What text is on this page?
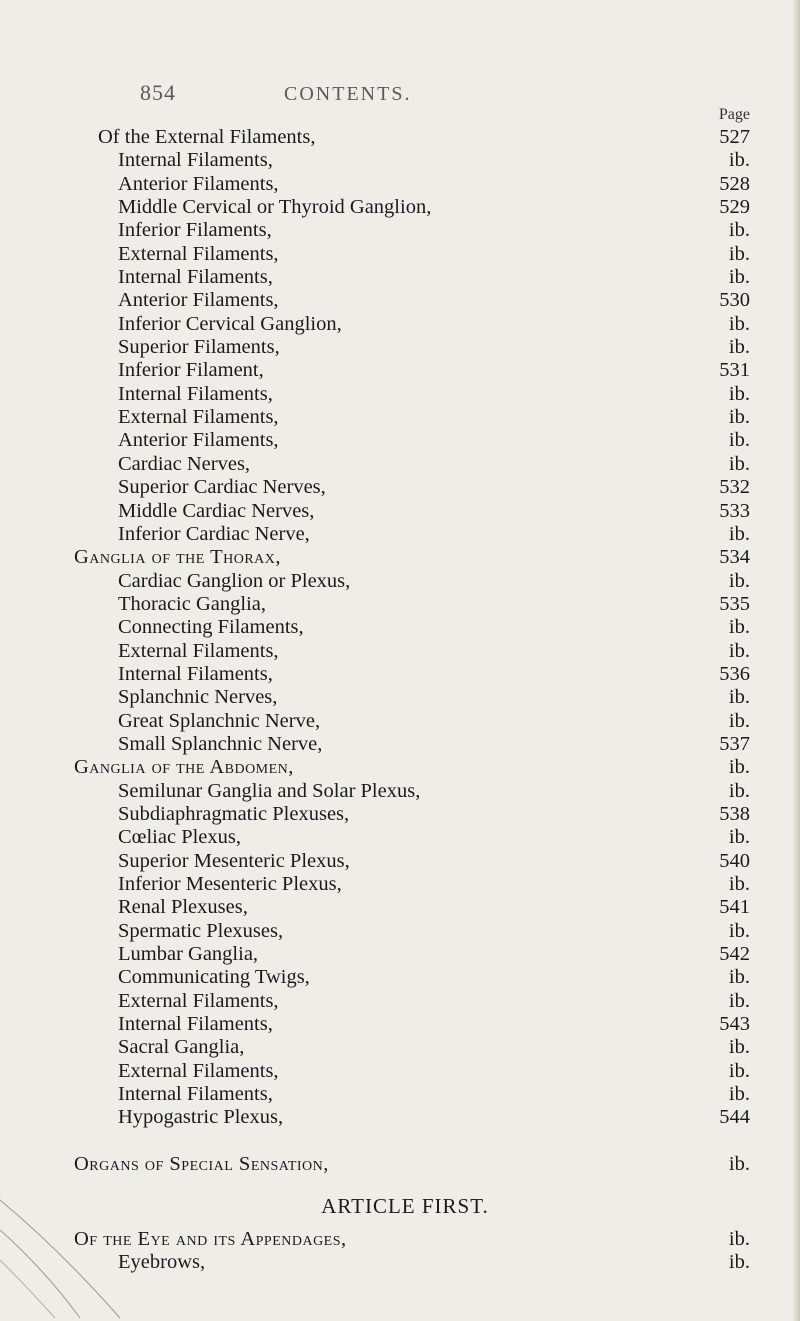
854	CONTENTS.
Page
Of the External Filaments,	527
Internal Filaments,	ib.
Anterior Filaments,	528
Middle Cervical or Thyroid Ganglion,	529
Inferior Filaments,	ib.
External Filaments,	ib.
Internal Filaments,	ib.
Anterior Filaments,	530
Inferior Cervical Ganglion,	ib.
Superior Filaments,	ib.
Inferior Filament,	531
Internal Filaments,	ib.
External Filaments,	ib.
Anterior Filaments,	ib.
Cardiac Nerves,	ib.
Superior Cardiac Nerves,	532
Middle Cardiac Nerves,	533
Inferior Cardiac Nerve,	ib.
Ganglia of the Thorax,	534
Cardiac Ganglion or Plexus,	ib.
Thoracic Ganglia,	535
Connecting Filaments,	ib.
External Filaments,	ib.
Internal Filaments,	536
Splanchnic Nerves,	ib.
Great Splanchnic Nerve,	ib.
Small Splanchnic Nerve,	537
Ganglia of the Abdomen,	ib.
Semilunar Ganglia and Solar Plexus,	ib.
Subdiaphragmatic Plexuses,	538
Cœliac Plexus,	ib.
Superior Mesenteric Plexus,	540
Inferior Mesenteric Plexus,	ib.
Renal Plexuses,	541
Spermatic Plexuses,	ib.
Lumbar Ganglia,	542
Communicating Twigs,	ib.
External Filaments,	ib.
Internal Filaments,	543
Sacral Ganglia,	ib.
External Filaments,	ib.
Internal Filaments,	ib.
Hypogastric Plexus,	544
Organs of Special Sensation,	ib.
ARTICLE FIRST.
Of the Eye and its Appendages,	ib.
Eyebrows,	ib.
